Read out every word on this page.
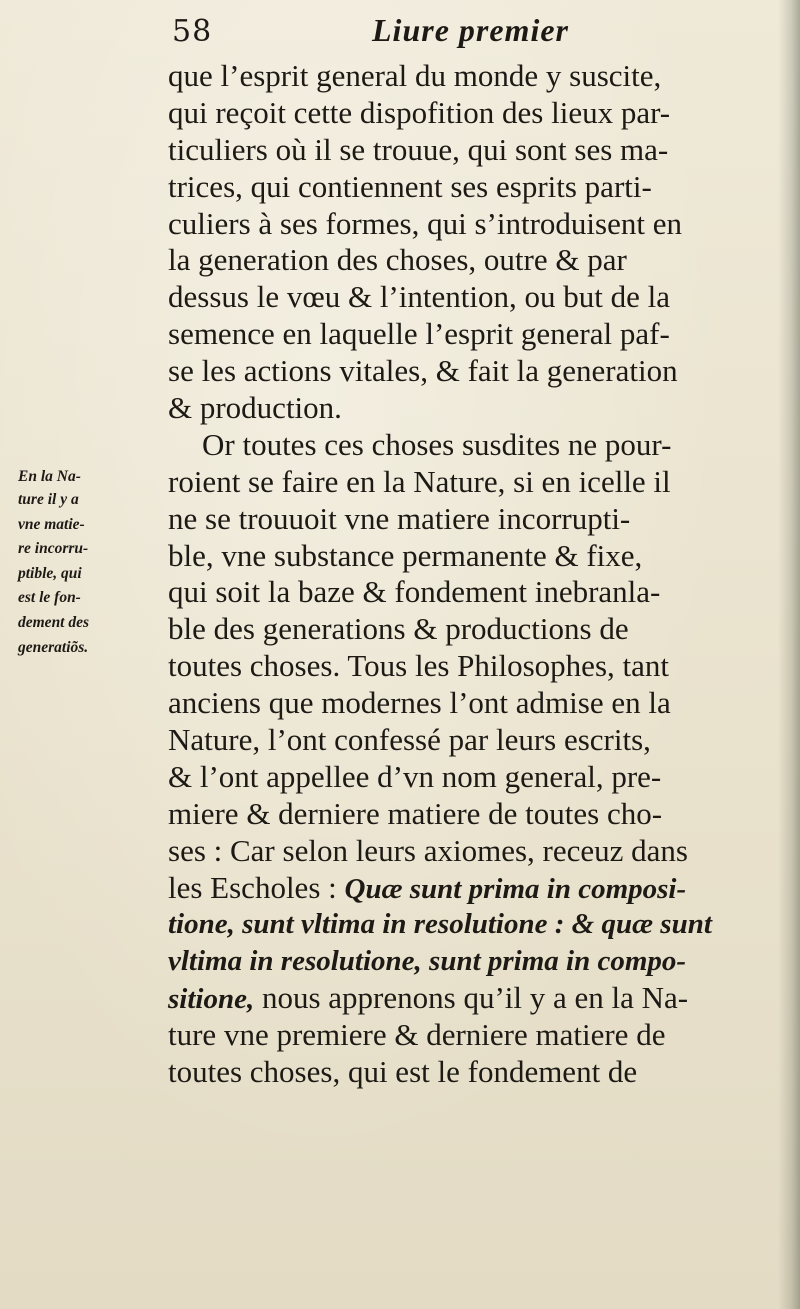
58	Liure premier
En la Na-
ture il y a
vne matie-
re incorru-
ptible, qui
est le fon-
dement des
generatiõs.
que l’esprit general du monde y suscite,
qui reçoit cette dispofition des lieux par-
ticuliers où il se trouue, qui sont ses ma-
trices, qui contiennent ses esprits parti-
culiers à ses formes, qui s’introduisent en
la generation des choses, outre & par
dessus le vœu & l’intention, ou but de la
semence en laquelle l’esprit general paf-
se les actions vitales, & fait la generation
& production.
Or toutes ces choses susdites ne pour-
roient se faire en la Nature, si en icelle il
ne se trouuoit vne matiere incorrupti-
ble, vne substance permanente & fixe,
qui soit la baze & fondement inebranla-
ble des generations & productions de
toutes choses. Tous les Philosophes, tant
anciens que modernes l’ont admise en la
Nature, l’ont confessé par leurs escrits,
& l’ont appellee d’vn nom general, pre-
miere & derniere matiere de toutes cho-
ses : Car selon leurs axiomes, receuz dans
les Escholes : Quæ sunt prima in composi-
tione, sunt vltima in resolutione : & quæ sunt
vltima in resolutione, sunt prima in compo-
sitione, nous apprenons qu’il y a en la Na-
ture vne premiere & derniere matiere de
toutes choses, qui est le fondement de
